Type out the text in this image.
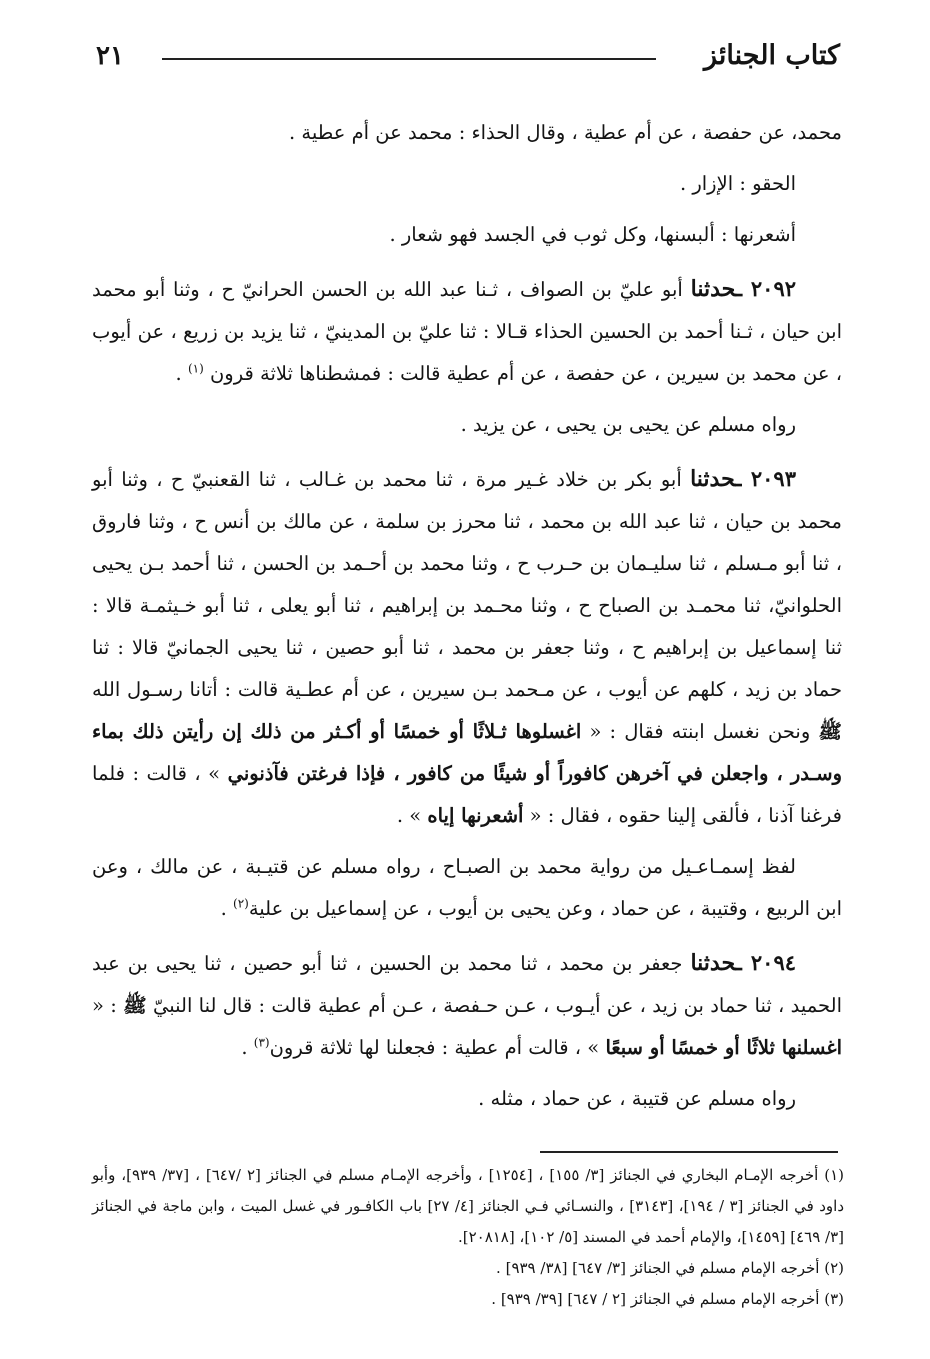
كتاب الجنائز
٢١

محمد، عن حفصة ، عن أم عطية ، وقال الحذاء : محمد عن أم عطية .

الحقو : الإزار .

أشعرنها : ألبسنها، وكل ثوب في الجسد فهو شعار .

٢٠٩٢ ـحدثنا أبو عليّ بن الصواف ، ثـنا عبد الله بن الحسن الحرانيّ ح ، وثنا أبو محمد ابن حيان ، ثـنا أحمد بن الحسين الحذاء قـالا : ثنا عليّ بن المدينيّ ، ثنا يزيد بن زريع ، عن أيوب ، عن محمد بن سيرين ، عن حفصة ، عن أم عطية قالت : فمشطناها ثلاثة قرون $^{(١)}$ .

رواه مسلم عن يحيى بن يحيى ، عن يزيد .

٢٠٩٣ ـحدثنا أبو بكر بن خلاد غـير مرة ، ثنا محمد بن غـالب ، ثنا القعنبيّ ح ، وثنا أبو محمد بن حيان ، ثنا عبد الله بن محمد ، ثنا محرز بن سلمة ، عن مالك بن أنس ح ، وثنا فاروق ، ثنا أبو مـسلم ، ثنا سليـمان بن حـرب ح ، وثنا محمد بن أحـمد بن الحسن ، ثنا أحمد بـن يحيى الحلوانيّ، ثنا محمـد بن الصباح ح ، وثنا محـمد بن إبراهيم ، ثنا أبو يعلى ، ثنا أبو خـيثمـة قالا : ثنا إسماعيل بن إبراهيم ح ، وثنا جعفر بن محمد ، ثنا أبو حصين ، ثنا يحيى الجمانيّ قالا : ثنا حماد بن زيد ، كلهم عن أيوب ، عن مـحمد بـن سيرين ، عن أم عطـية قالت : أتانا رسـول الله ﷺ ونحن نغسل ابنته فقال : « اغسلوها ثـلاثًا أو خمسًا أو أكـثر من ذلك إن رأيتن ذلك بماء وسـدر ، واجعلن في آخرهن كافوراً أو شيئًا من كافور ، فإذا فرغتن فآذنوني » ، قالت : فلما فرغنا آذنا ، فألقى إلينا حقوه ، فقال : « أشعرنها إياه » .

لفظ إسمـاعـيل من رواية محمد بن الصبـاح ، رواه مسلم عن قتيـبة ، عن مالك ، وعن ابن الربيع ، وقتيبة ، عن حماد ، وعن يحيى بن أيوب ، عن إسماعيل بن علية$^{(٢)}$ .

٢٠٩٤ ـحدثنا جعفر بن محمد ، ثنا محمد بن الحسين ، ثنا أبو حصين ، ثنا يحيى بن عبد الحميد ، ثنا حماد بن زيد ، عن أيـوب ، عـن حـفصة ، عـن أم عطية قالت : قال لنا النبيّ ﷺ : « اغسلنها ثلاثًا أو خمسًا أو سبعًا » ، قالت أم عطية : فجعلنا لها ثلاثة قرون$^{(٣)}$ .

رواه مسلم عن قتيبة ، عن حماد ، مثله .

(١) أخرجه الإمـام البخاري في الجنائز [٣/ ١٥٥] ، [١٢٥٤] ، وأخرجه الإمـام مسلم في الجنائز [٢ /٦٤٧] ، [٣٧/ ٩٣٩]، وأبو داود في الجنائز [٣ / ١٩٤]، [٣١٤٣] ، والنسـائي فـي الجنائز [٤/ ٢٧] باب الكافـور في غسل الميت ، وابن ماجة في الجنائز [٣/ ٤٦٩] [١٤٥٩]، والإمام أحمد في المسند [٥/ ١٠٢]، [٢٠٨١٨].

(٢) أخرجه الإمام مسلم في الجنائز [٣/ ٦٤٧] [٣٨/ ٩٣٩] .

(٣) أخرجه الإمام مسلم في الجنائز [٢ / ٦٤٧] [٣٩/ ٩٣٩] .
